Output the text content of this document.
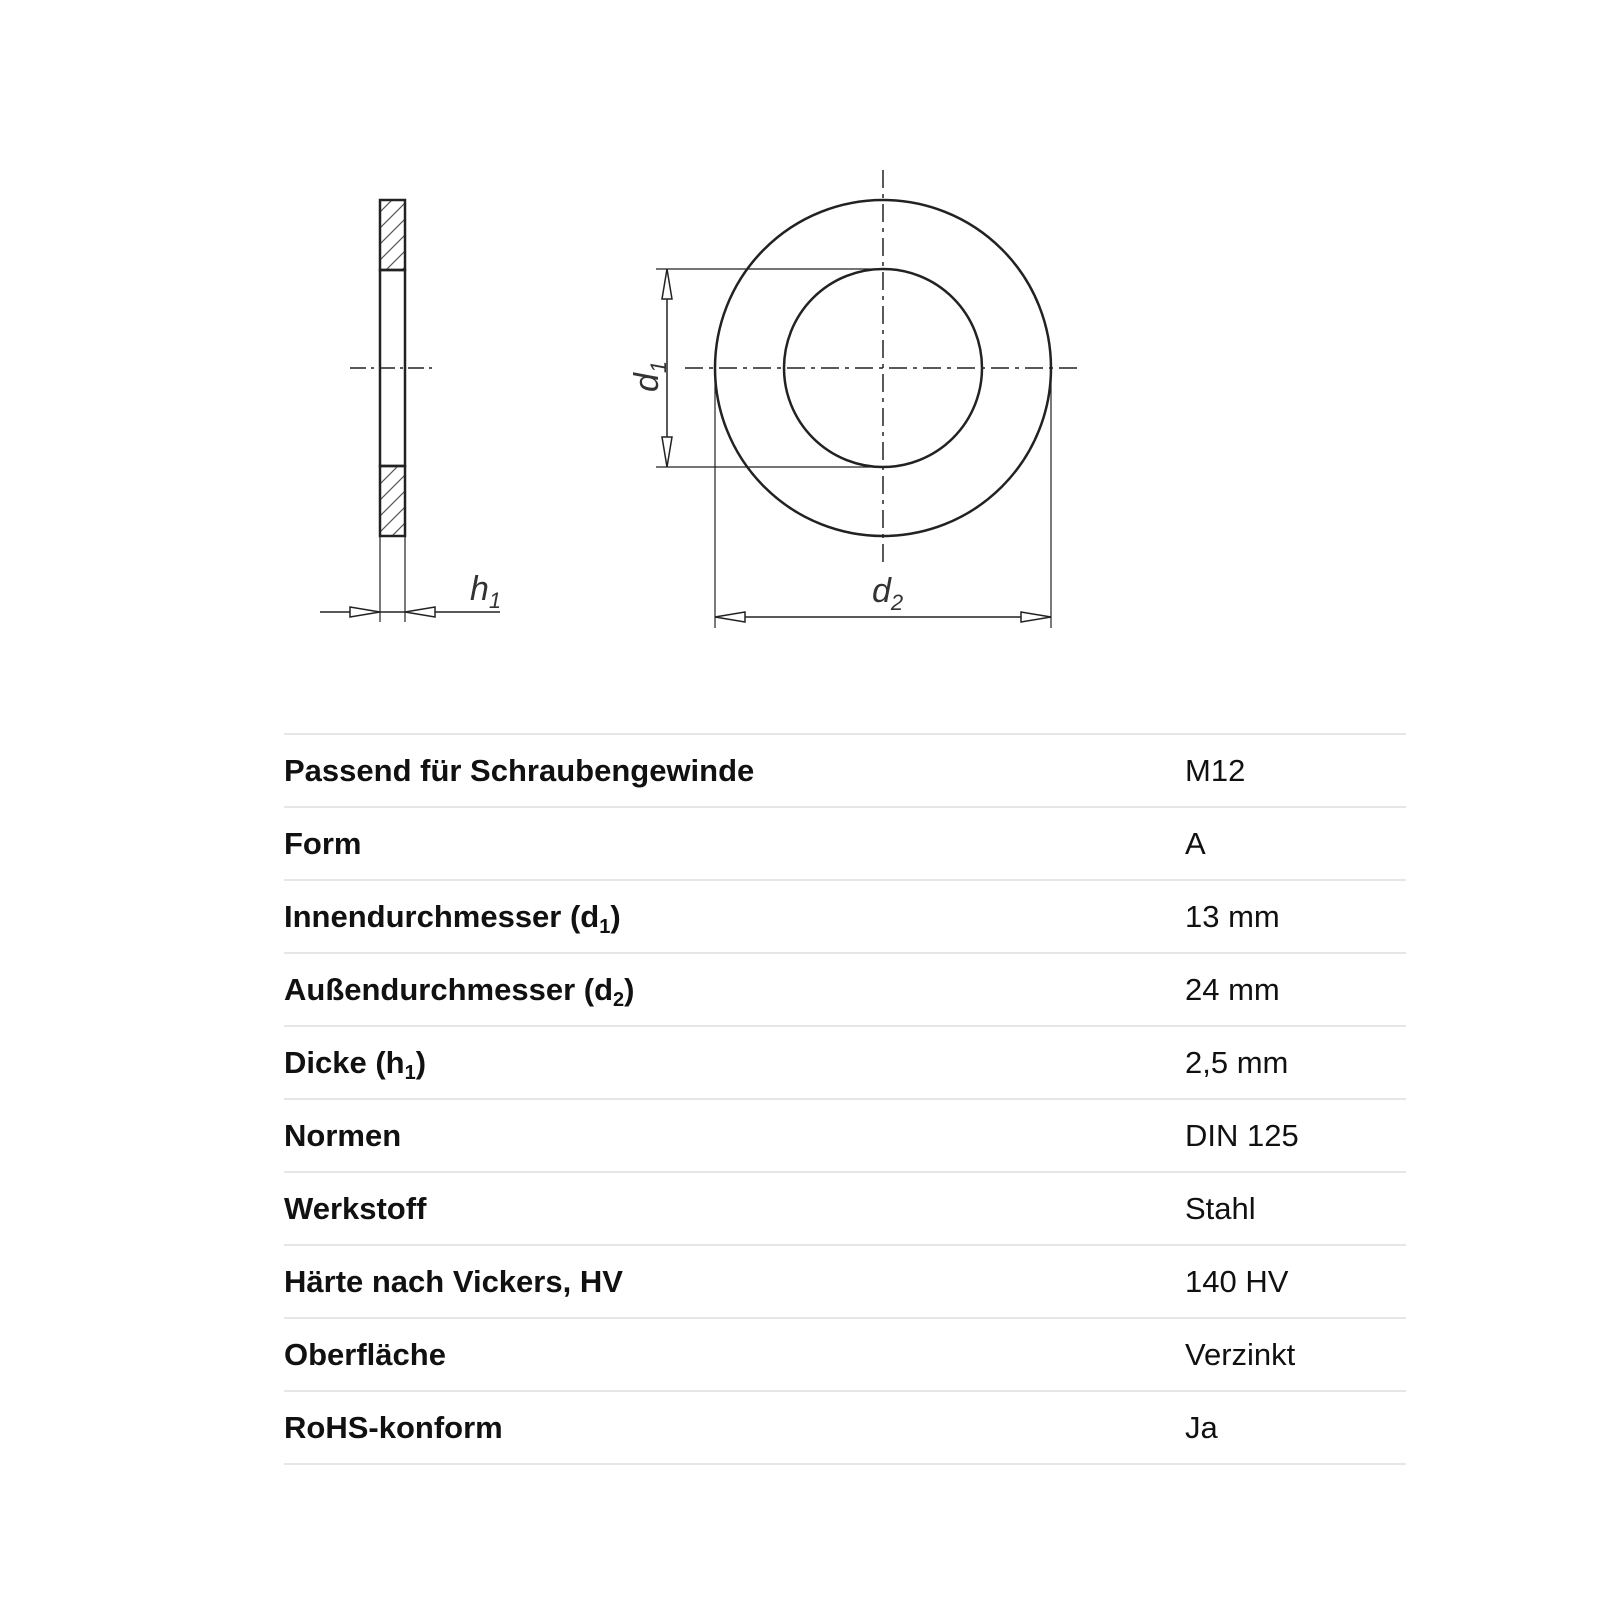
$h_1$
$d_1$
$d_2$
Passend für Schraubengewinde	M12
Form	A
Innendurchmesser $(d_1)$	13 mm
Außendurchmesser $(d_2)$	24 mm
Dicke $(h_1)$	2,5 mm
Normen	DIN 125
Werkstoff	Stahl
Härte nach Vickers, HV	140 HV
Oberfläche	Verzinkt
RoHS-konform	Ja
